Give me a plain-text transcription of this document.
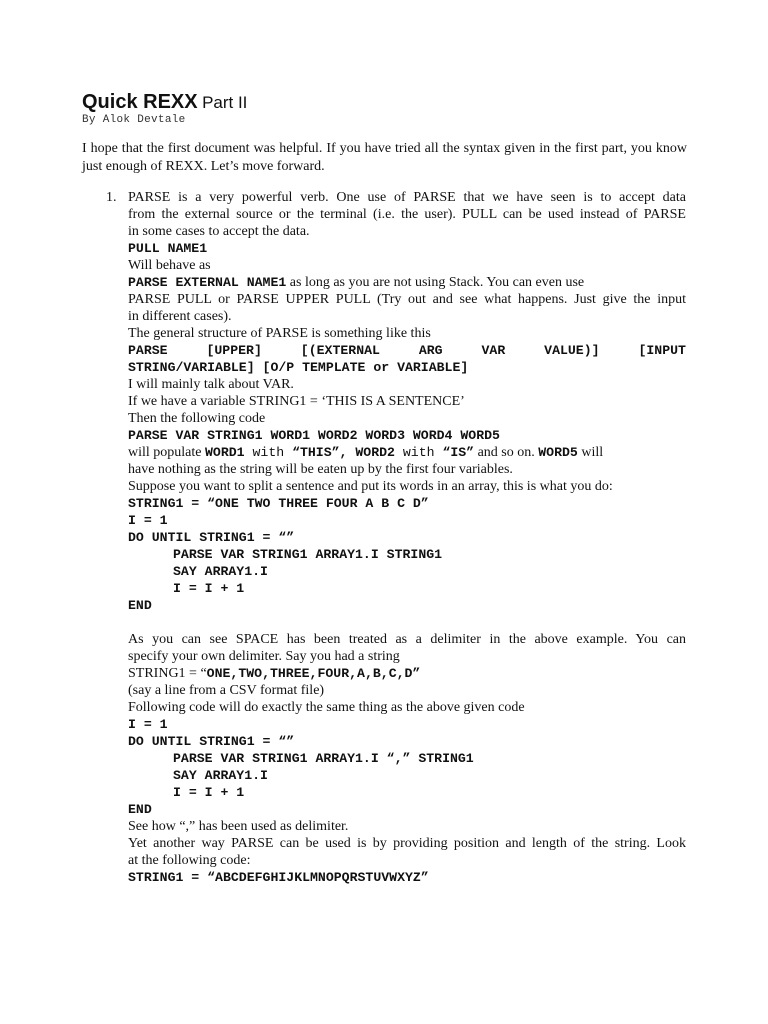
Quick REXX Part II
By Alok Devtale
I hope that the first document was helpful. If you have tried all the syntax given in the first part, you know just enough of REXX. Let’s move forward.
1. PARSE is a very powerful verb. One use of PARSE that we have seen is to accept data
from the external source or the terminal (i.e. the user). PULL can be used instead of PARSE
in some cases to accept the data.
PULL NAME1
Will behave as
PARSE EXTERNAL NAME1 as long as you are not using Stack. You can even use
PARSE PULL or PARSE UPPER PULL (Try out and see what happens. Just give the input
in different cases).
The general structure of PARSE is something like this
PARSE	[UPPER]	[(EXTERNAL	ARG	VAR	VALUE)]	[INPUT
STRING/VARIABLE] [O/P TEMPLATE or VARIABLE]
I will mainly talk about VAR.
If we have a variable STRING1 = ‘THIS IS A SENTENCE’
Then the following code
PARSE VAR STRING1 WORD1 WORD2 WORD3 WORD4 WORD5
will populate WORD1 with “THIS”, WORD2 with “IS” and so on. WORD5 will
have nothing as the string will be eaten up by the first four variables.
Suppose you want to split a sentence and put its words in an array, this is what you do:
STRING1 = “ONE TWO THREE FOUR A B C D”
I = 1
DO UNTIL STRING1 = “”
PARSE VAR STRING1 ARRAY1.I STRING1
SAY ARRAY1.I
I = I + 1
END
As you can see SPACE has been treated as a delimiter in the above example. You can
specify your own delimiter. Say you had a string
STRING1 = “ONE,TWO,THREE,FOUR,A,B,C,D”
(say a line from a CSV format file)
Following code will do exactly the same thing as the above given code
I = 1
DO UNTIL STRING1 = “”
PARSE VAR STRING1 ARRAY1.I “,” STRING1
SAY ARRAY1.I
I = I + 1
END
See how “,” has been used as delimiter.
Yet another way PARSE can be used is by providing position and length of the string. Look
at the following code:
STRING1 = “ABCDEFGHIJKLMNOPQRSTUVWXYZ”
